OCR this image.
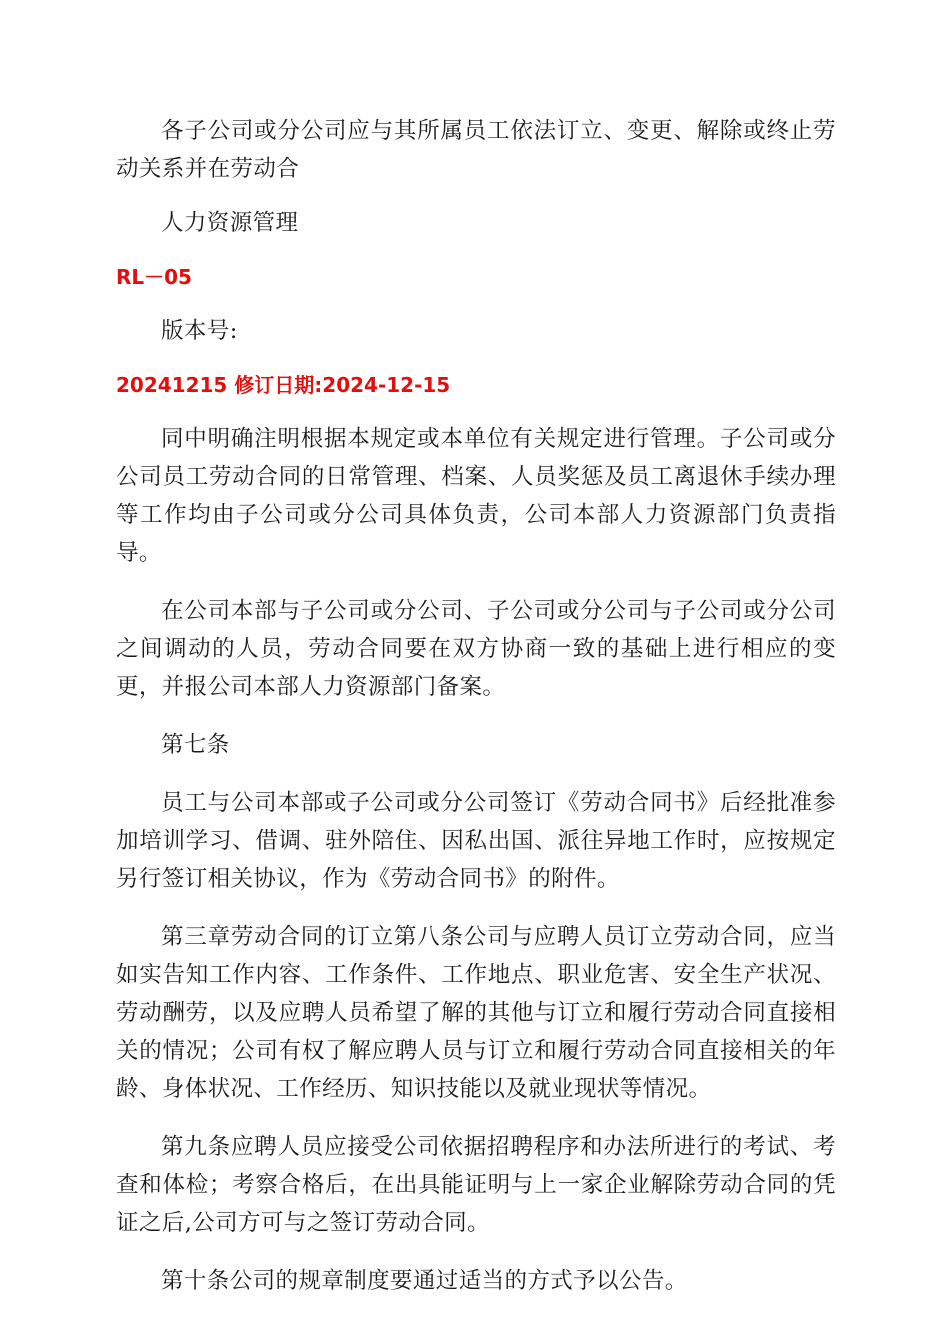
各子公司或分公司应与其所属员工依法订立、变更、解除或终止劳动关系并在劳动合

人力资源管理

RL－05

版本号:

20241215 修订日期:2024-12-15

同中明确注明根据本规定或本单位有关规定进行管理。子公司或分公司员工劳动合同的日常管理、档案、人员奖惩及员工离退休手续办理等工作均由子公司或分公司具体负责，公司本部人力资源部门负责指导。

在公司本部与子公司或分公司、子公司或分公司与子公司或分公司之间调动的人员，劳动合同要在双方协商一致的基础上进行相应的变更，并报公司本部人力资源部门备案。

第七条

员工与公司本部或子公司或分公司签订《劳动合同书》后经批准参加培训学习、借调、驻外陪住、因私出国、派往异地工作时，应按规定另行签订相关协议，作为《劳动合同书》的附件。

第三章劳动合同的订立第八条公司与应聘人员订立劳动合同，应当如实告知工作内容、工作条件、工作地点、职业危害、安全生产状况、劳动酬劳，以及应聘人员希望了解的其他与订立和履行劳动合同直接相关的情况；公司有权了解应聘人员与订立和履行劳动合同直接相关的年龄、身体状况、工作经历、知识技能以及就业现状等情况。

第九条应聘人员应接受公司依据招聘程序和办法所进行的考试、考查和体检；考察合格后，在出具能证明与上一家企业解除劳动合同的凭证之后,公司方可与之签订劳动合同。

第十条公司的规章制度要通过适当的方式予以公告。
